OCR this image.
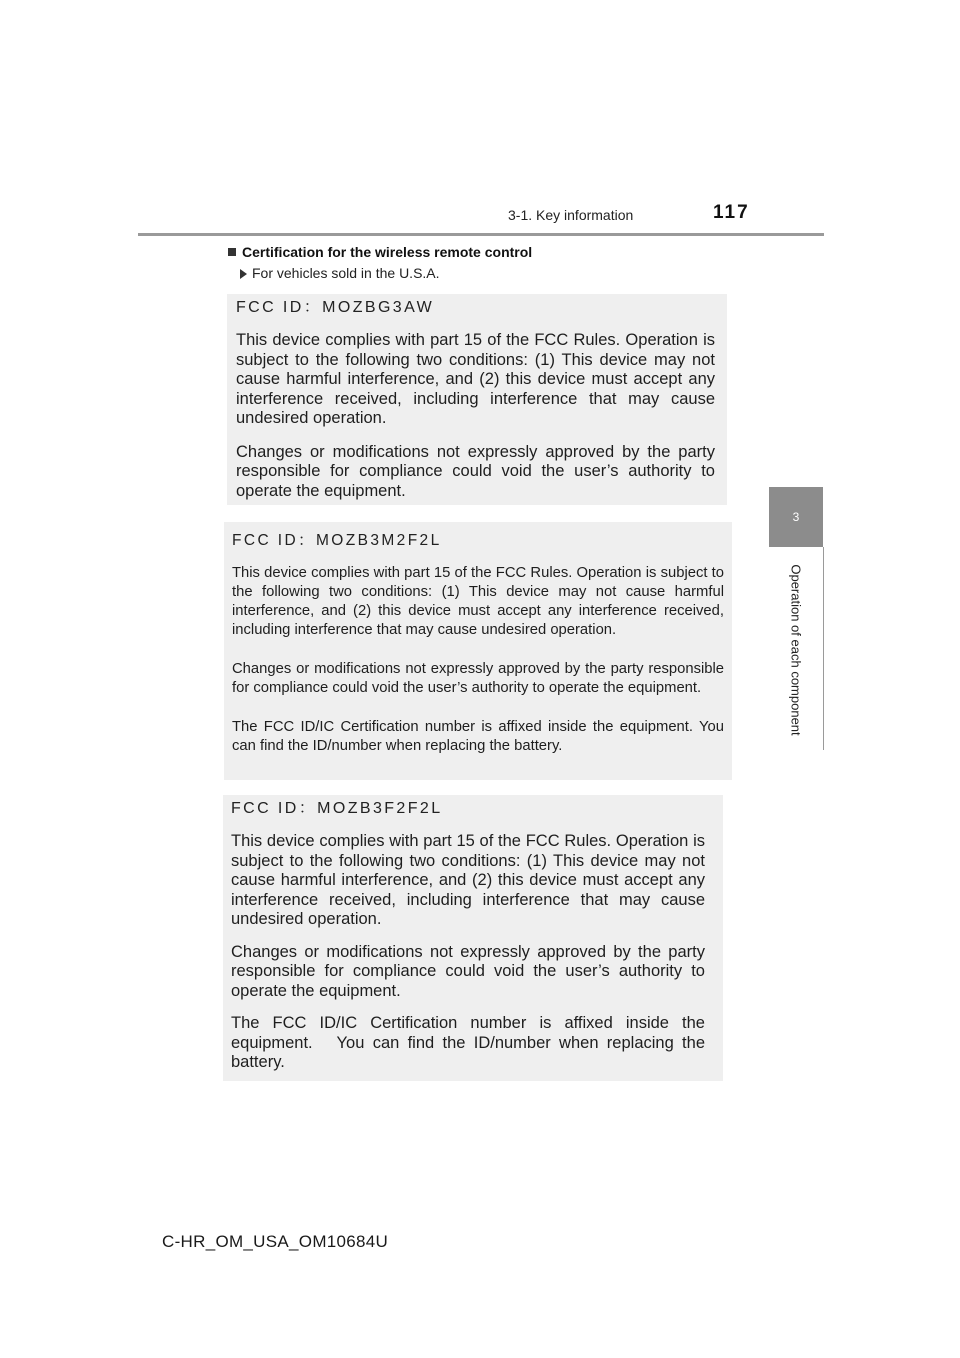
3-1. Key information	117
3
Operation of each component
Certification for the wireless remote control
For vehicles sold in the U.S.A.
FCC ID：MOZBG3AW

This device complies with part 15 of the FCC Rules. Operation is subject to the following two conditions: (1) This device may not cause harmful interference, and (2) this device must accept any interference received, including interference that may cause undesired operation.

Changes or modifications not expressly approved by the party responsible for compliance could void the user’s authority to operate the equipment.

FCC ID：MOZB3M2F2L

This device complies with part 15 of the FCC Rules. Operation is subject to the following two conditions: (1) This device may not cause harmful interference, and (2) this device must accept any interference received, including interference that may cause undesired operation.

Changes or modifications not expressly approved by the party responsible for compliance could void the user’s authority to operate the equipment.

The FCC ID/IC Certification number is affixed inside the equipment. You can find the ID/number when replacing the battery.

FCC ID：MOZB3F2F2L

This device complies with part 15 of the FCC Rules. Operation is subject to the following two conditions: (1) This device may not cause harmful interference, and (2) this device must accept any interference received, including interference that may cause undesired operation.

Changes or modifications not expressly approved by the party responsible for compliance could void the user’s authority to operate the equipment.

The FCC ID/IC Certification number is affixed inside the equipment.　You can find the ID/number when replacing the battery.

C-HR_OM_USA_OM10684U
